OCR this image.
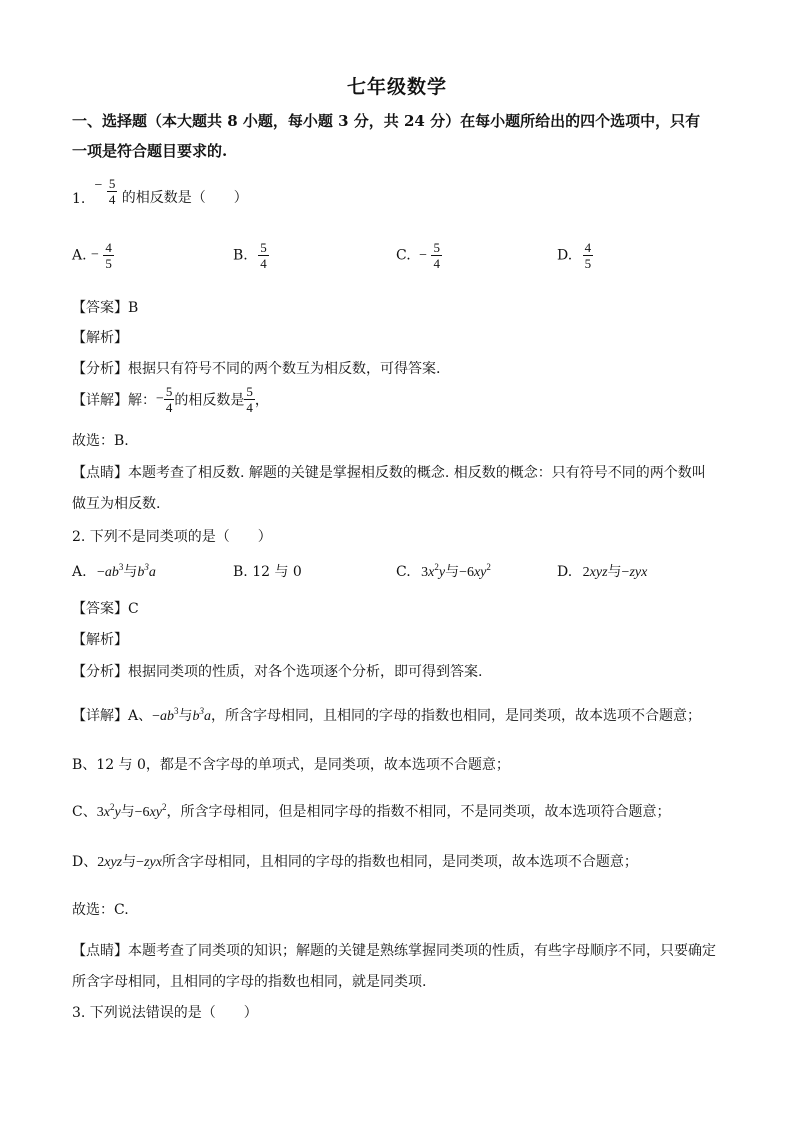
七年级数学
一、选择题（本大题共 8 小题，每小题 3 分，共 24 分）在每小题所给出的四个选项中，只有
一项是符合题目要求的.
1. − $\frac{5}{4}$ 的相反数是（　　）
A. − $\frac{4}{5}$	B. $\frac{5}{4}$	C. − $\frac{5}{4}$	D. $\frac{4}{5}$
【答案】B
【解析】
【分析】根据只有符号不同的两个数互为相反数，可得答案.
【详解】解：− $\frac{5}{4}$ 的相反数是 $\frac{5}{4}$ ，
故选：B.
【点睛】本题考查了相反数. 解题的关键是掌握相反数的概念. 相反数的概念：只有符号不同的两个数叫
做互为相反数.
2. 下列不是同类项的是（　　）
A. $-ab^3$与$b^3a$	B. 12 与 0	C. $3x^2y$与$-6xy^2$	D. 2xyz与−zyx
【答案】C
【解析】
【分析】根据同类项的性质，对各个选项逐个分析，即可得到答案.
【详解】A、$-ab^3$与$b^3a$，所含字母相同，且相同的字母的指数也相同，是同类项，故本选项不合题意；
B、12 与 0，都是不含字母的单项式，是同类项，故本选项不合题意；
C、$3x^2y$与$-6xy^2$，所含字母相同，但是相同字母的指数不相同，不是同类项，故本选项符合题意；
D、2xyz与−zyx所含字母相同，且相同的字母的指数也相同，是同类项，故本选项不合题意；
故选：C.
【点睛】本题考查了同类项的知识；解题的关键是熟练掌握同类项的性质，有些字母顺序不同，只要确定
所含字母相同，且相同的字母的指数也相同，就是同类项.
3. 下列说法错误的是（　　）
